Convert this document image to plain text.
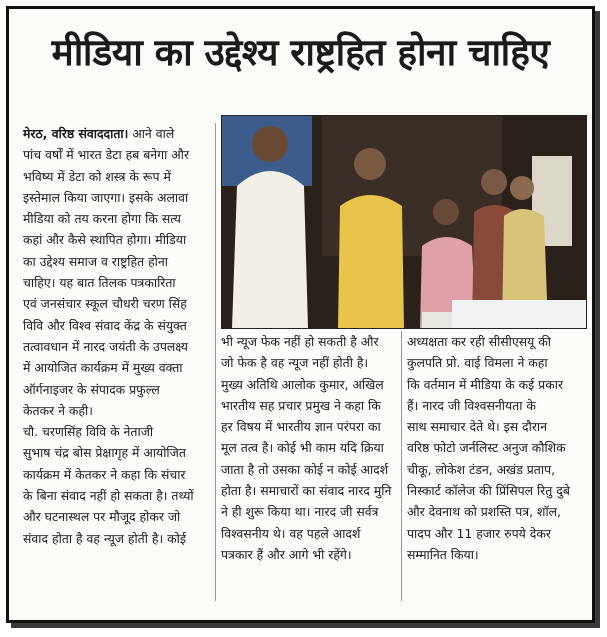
मीडिया का उद्देश्य राष्ट्रहित होना चाहिए
मेरठ, वरिष्ठ संवाददाता। आने वाले
पांच वर्षों में भारत डेटा हब बनेगा और
भविष्य में डेटा को शस्त्र के रूप में
इस्तेमाल किया जाएगा। इसके अलावा
मीडिया को तय करना होगा कि सत्य
कहां और कैसे स्थापित होगा। मीडिया
का उद्देश्य समाज व राष्ट्रहित होना
चाहिए। यह बात तिलक पत्रकारिता
एवं जनसंचार स्कूल चौधरी चरण सिंह
विवि और विश्व संवाद केंद्र के संयुक्त
तत्वावधान में नारद जयंती के उपलक्ष्य
में आयोजित कार्यक्रम में मुख्य वक्ता
ऑर्गनाइजर के संपादक प्रफुल्ल
केतकर ने कही।
चौ. चरणसिंह विवि के नेताजी
सुभाष चंद्र बोस प्रेक्षागृह में आयोजित
कार्यक्रम में केतकर ने कहा कि संचार
के बिना संवाद नहीं हो सकता है। तथ्यों
और घटनास्थल पर मौजूद होकर जो
संवाद होता है वह न्यूज होती है। कोई
भी न्यूज फेक नहीं हो सकती है और
जो फेक है वह न्यूज नहीं होती है।
मुख्य अतिथि आलोक कुमार, अखिल
भारतीय सह प्रचार प्रमुख ने कहा कि
हर विषय में भारतीय ज्ञान परंपरा का
मूल तत्व है। कोई भी काम यदि क्रिया
जाता है तो उसका कोई न कोई आदर्श
होता है। समाचारों का संवाद नारद मुनि
ने ही शुरू किया था। नारद जी सर्वत्र
विश्वसनीय थे। वह पहले आदर्श
पत्रकार हैं और आगे भी रहेंगे।
अध्यक्षता कर रही सीसीएसयू की
कुलपति प्रो. वाई विमला ने कहा
कि वर्तमान में मीडिया के कई प्रकार
हैं। नारद जी विश्वसनीयता के
साथ समाचार देते थे। इस दौरान
वरिष्ठ फोटो जर्नलिस्ट अनुज कौशिक
चीकू, लोकेश टंडन, अखंड प्रताप,
निस्कार्ट कॉलेज की प्रिंसिपल रितु दुबे
और देवनाथ को प्रशस्ति पत्र, शॉल,
पादप और 11 हजार रुपये देकर
सम्मानित किया।
